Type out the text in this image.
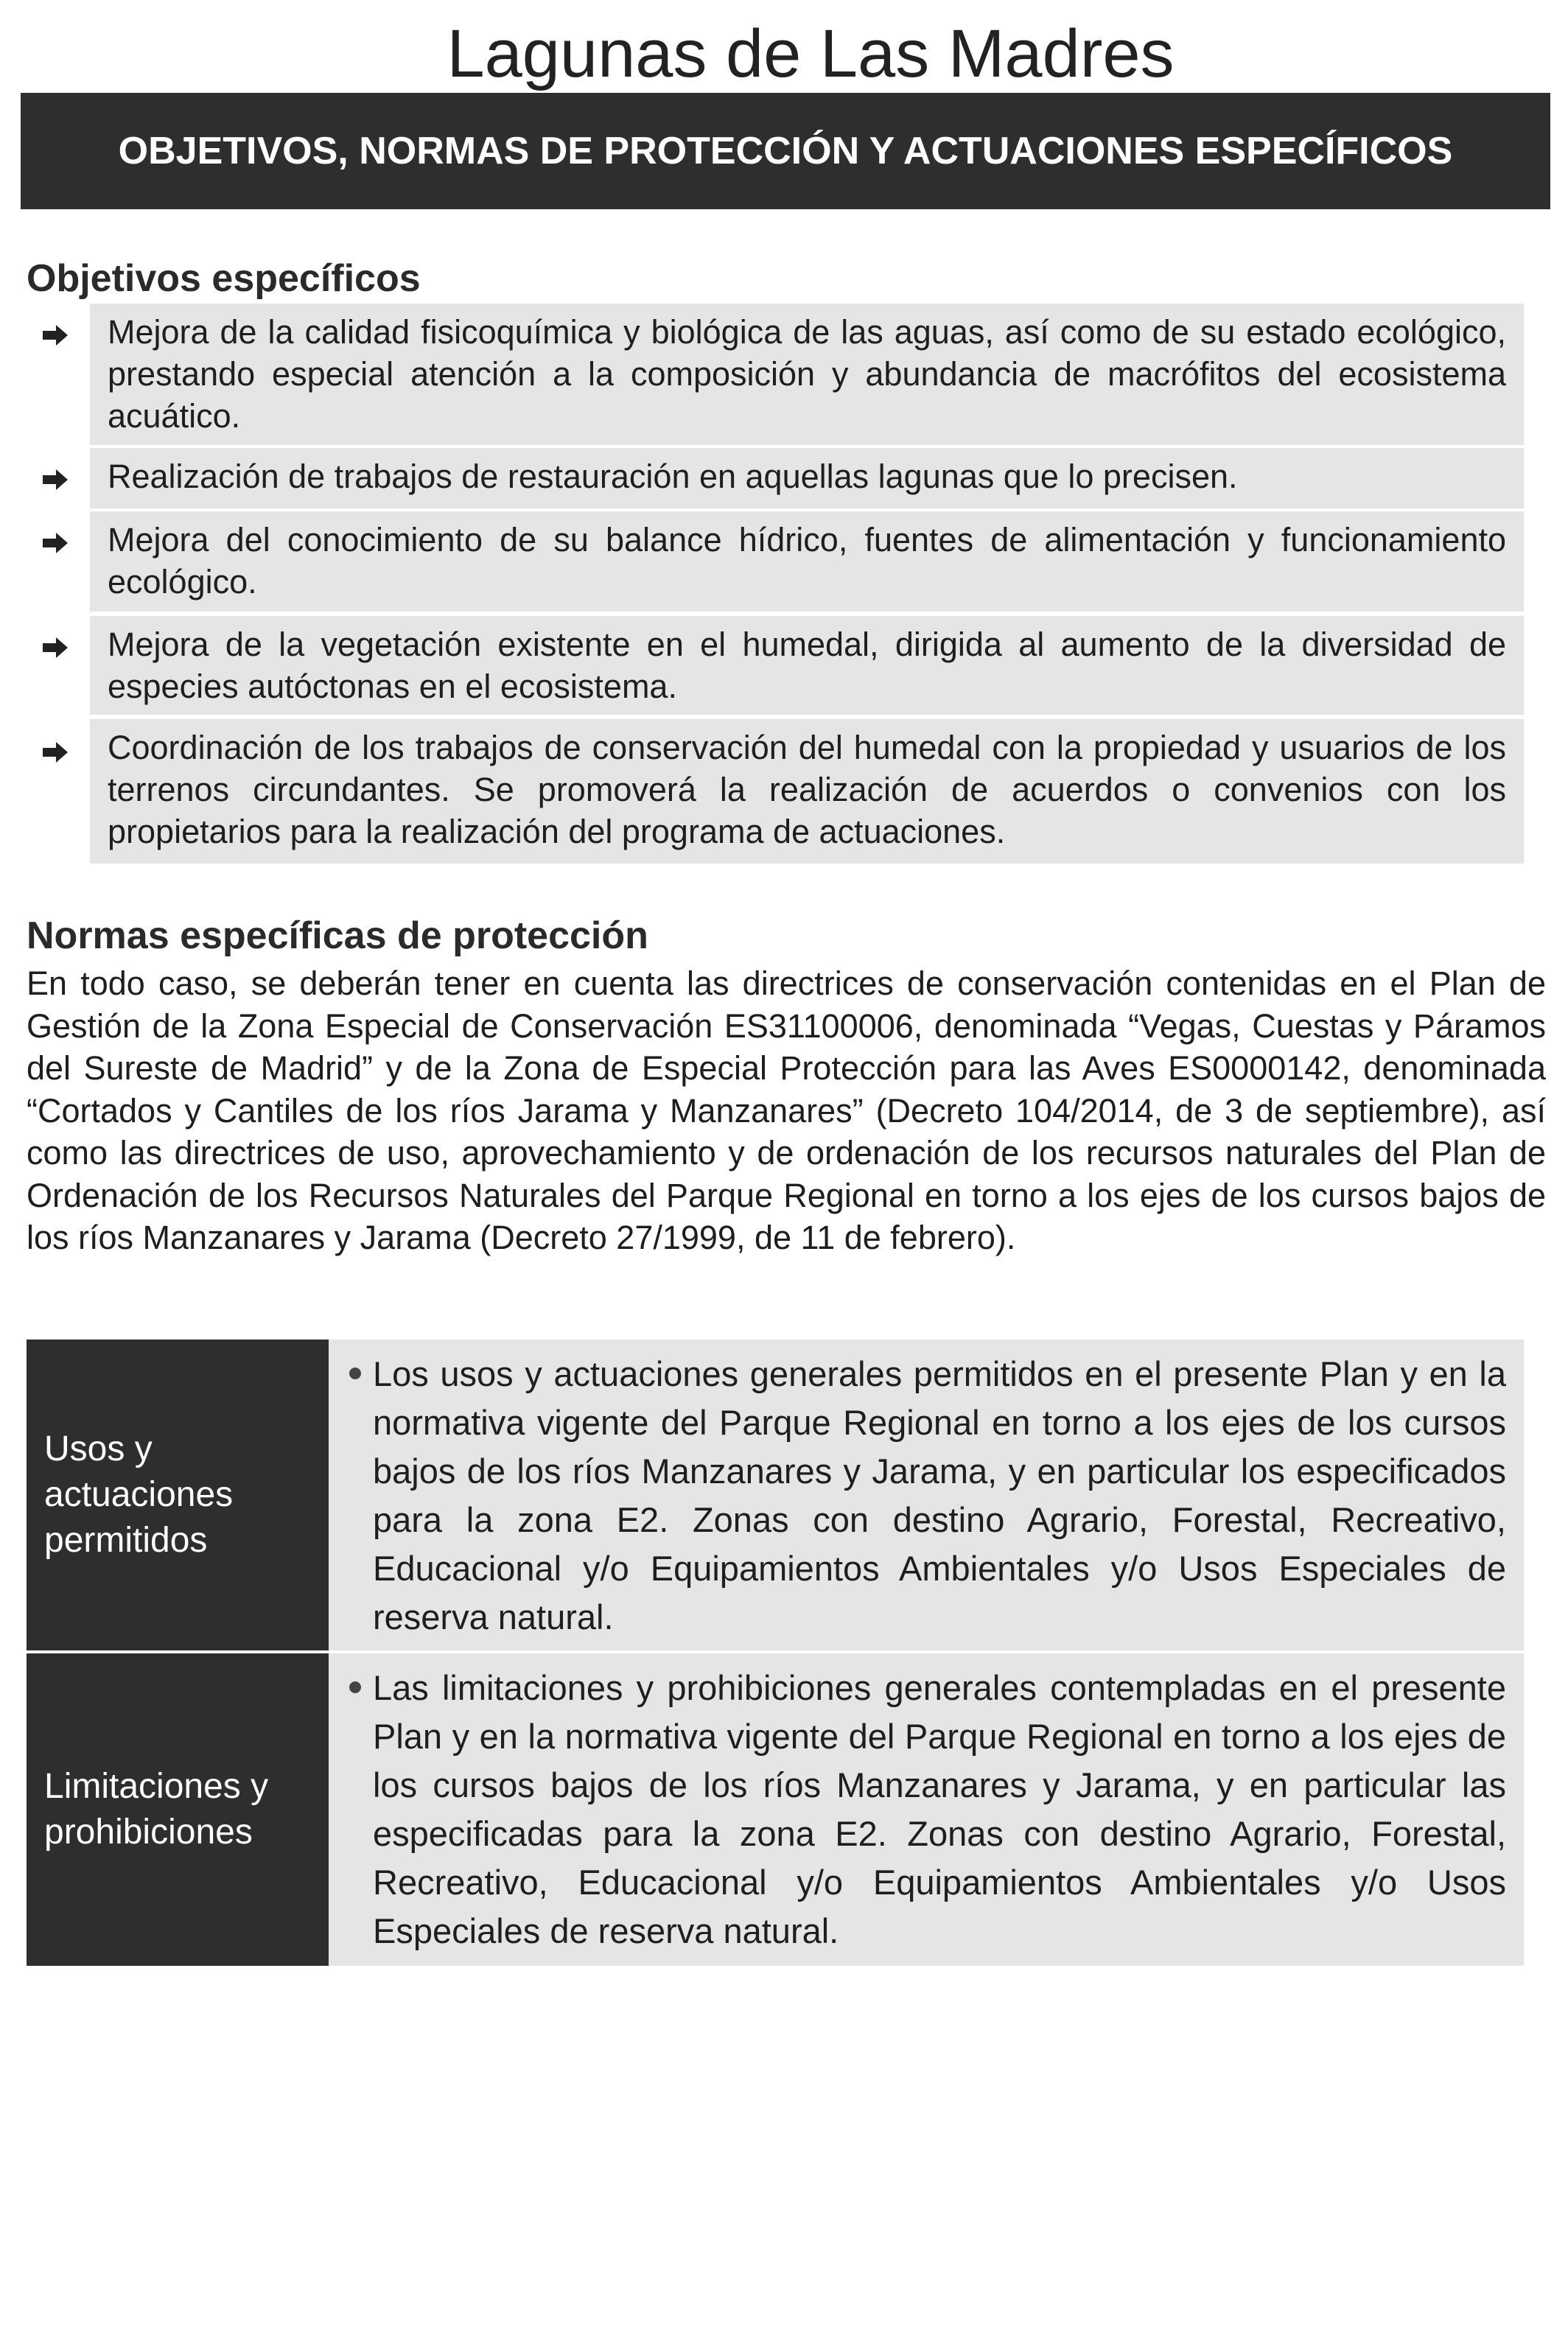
Lagunas de Las Madres
OBJETIVOS, NORMAS DE PROTECCIÓN Y ACTUACIONES ESPECÍFICOS
Objetivos específicos
Mejora de la calidad fisicoquímica y biológica de las aguas, así como de su estado ecológico, prestando especial atención a la composición y abundancia de macrófitos del ecosistema acuático.
Realización de trabajos de restauración en aquellas lagunas que lo precisen.
Mejora del conocimiento de su balance hídrico, fuentes de alimentación y funcionamiento ecológico.
Mejora de la vegetación existente en el humedal, dirigida al aumento de la diversidad de especies autóctonas en el ecosistema.
Coordinación de los trabajos de conservación del humedal con la propiedad y usuarios de los terrenos circundantes. Se promoverá la realización de acuerdos o convenios con los propietarios para la realización del programa de actuaciones.
Normas específicas de protección
En todo caso, se deberán tener en cuenta las directrices de conservación contenidas en el Plan de Gestión de la Zona Especial de Conservación ES31100006, denominada “Vegas, Cuestas y Páramos del Sureste de Madrid” y de la Zona de Especial Protección para las Aves ES0000142, denominada “Cortados y Cantiles de los ríos Jarama y Manzanares” (Decreto 104/2014, de 3 de septiembre), así como las directrices de uso, aprovechamiento y de ordenación de los recursos naturales del Plan de Ordenación de los Recursos Naturales del Parque Regional en torno a los ejes de los cursos bajos de los ríos Manzanares y Jarama (Decreto 27/1999, de 11 de febrero).
Usos y actuaciones permitidos
Los usos y actuaciones generales permitidos en el presente Plan y en la normativa vigente del Parque Regional en torno a los ejes de los cursos bajos de los ríos Manzanares y Jarama, y en particular los especificados para la zona E2. Zonas con destino Agrario, Forestal, Recreativo, Educacional y/o Equipamientos Ambientales y/o Usos Especiales de reserva natural.
Limitaciones y prohibiciones
Las limitaciones y prohibiciones generales contempladas en el presente Plan y en la normativa vigente del Parque Regional en torno a los ejes de los cursos bajos de los ríos Manzanares y Jarama, y en particular las especificadas para la zona E2. Zonas con destino Agrario, Forestal, Recreativo, Educacional y/o Equipamientos Ambientales y/o Usos Especiales de reserva natural.
